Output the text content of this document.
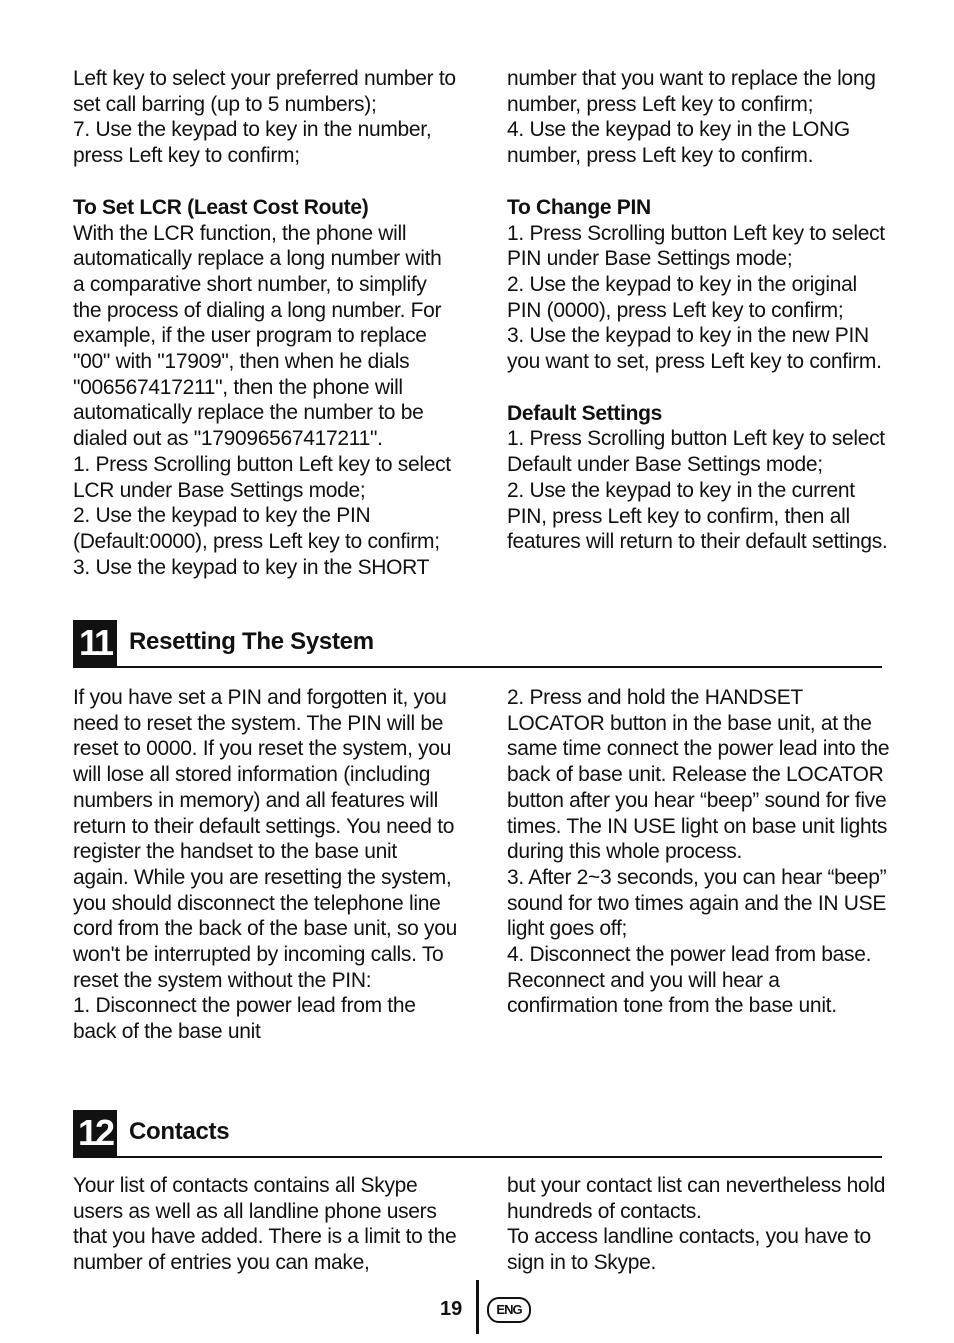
Left key to select your preferred number to set call barring (up to 5 numbers);

7. Use the keypad to key in the number, press Left key to confirm;

To Set LCR (Least Cost Route)

With the LCR function, the phone will automatically replace a long number with a comparative short number, to simplify the process of dialing a long number. For example, if the user program to replace "00" with "17909", then when he dials "006567417211", then the phone will automatically replace the number to be dialed out as "179096567417211".

1. Press Scrolling button Left key to select LCR under Base Settings mode;

2. Use the keypad to key the PIN (Default:0000), press Left key to confirm;

3. Use the keypad to key in the SHORT

number that you want to replace the long number, press Left key to confirm;

4. Use the keypad to key in the LONG number, press Left key to confirm.

To Change PIN

1. Press Scrolling button Left key to select PIN under Base Settings mode;

2. Use the keypad to key in the original PIN (0000), press Left key to confirm;

3. Use the keypad to key in the new PIN you want to set, press Left key to confirm.

Default Settings

1. Press Scrolling button Left key to select Default under Base Settings mode;

2. Use the keypad to key in the current PIN, press Left key to confirm, then all features will return to their default settings.

11 Resetting The System

If you have set a PIN and forgotten it, you need to reset the system. The PIN will be reset to 0000. If you reset the system, you will lose all stored information (including numbers in memory) and all features will return to their default settings. You need to register the handset to the base unit again. While you are resetting the system, you should disconnect the telephone line cord from the back of the base unit, so you won't be interrupted by incoming calls. To reset the system without the PIN:

1. Disconnect the power lead from the back of the base unit

2. Press and hold the HANDSET LOCATOR button in the base unit, at the same time connect the power lead into the back of base unit. Release the LOCATOR button after you hear “beep” sound for five times. The IN USE light on base unit lights during this whole process.

3. After 2~3 seconds, you can hear “beep” sound for two times again and the IN USE light goes off;

4. Disconnect the power lead from base. Reconnect and you will hear a confirmation tone from the base unit.

12 Contacts

Your list of contacts contains all Skype users as well as all landline phone users that you have added. There is a limit to the number of entries you can make,

but your contact list can nevertheless hold hundreds of contacts.

To access landline contacts, you have to sign in to Skype.

19	ENG
